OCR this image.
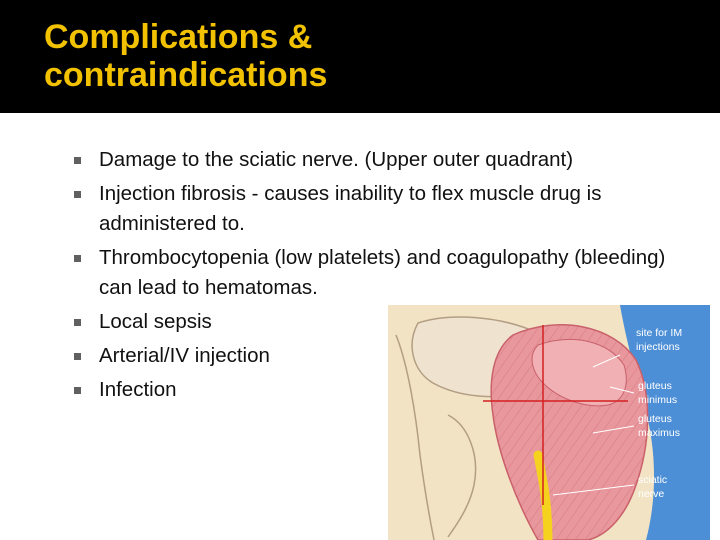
Complications &
contraindications
Damage to the sciatic nerve. (Upper outer quadrant)
Injection fibrosis - causes inability to flex muscle drug is administered to.
Thrombocytopenia (low platelets) and coagulopathy (bleeding) can lead to hematomas.
Local sepsis
Arterial/IV injection
Infection
site for IM
injections
gluteus
minimus
gluteus
maximus
sciatic
nerve
